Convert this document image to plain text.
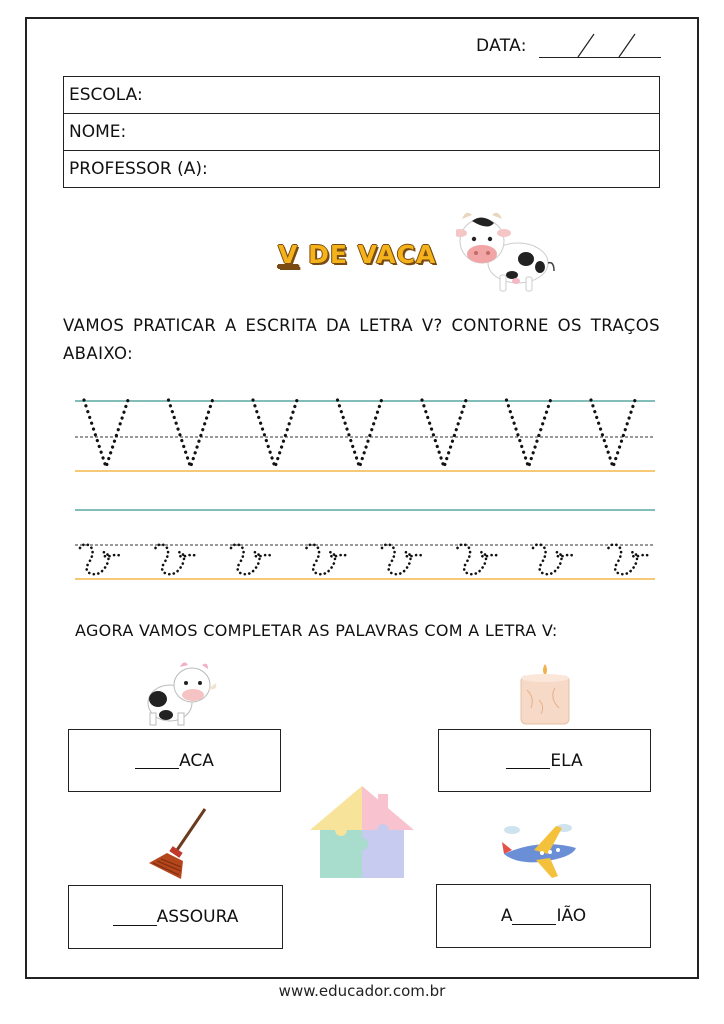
DATA:
ESCOLA:
NOME:
PROFESSOR (A):
V DE VACA
VAMOS PRATICAR A ESCRITA DA LETRA V? CONTORNE OS TRAÇOS ABAIXO:
AGORA VAMOS COMPLETAR AS PALAVRAS COM A LETRA V:
ACA	ELA
ASSOURA	A	IÃO
www.educador.com.br
